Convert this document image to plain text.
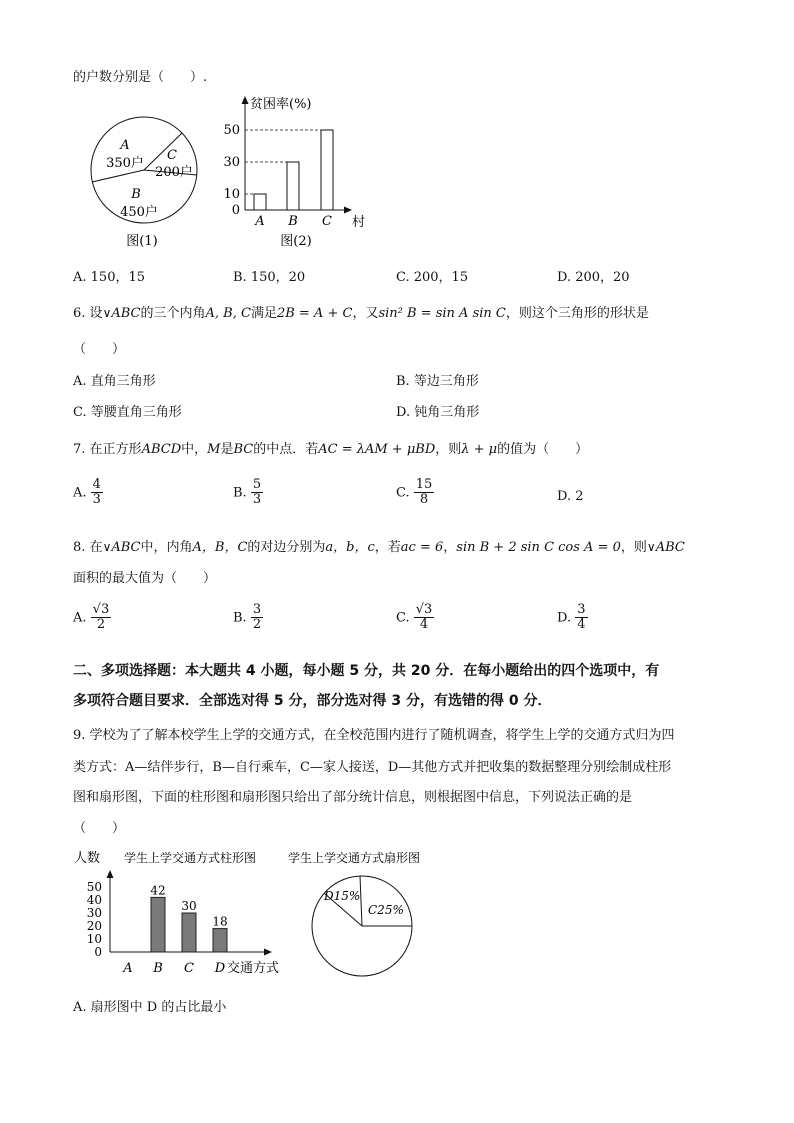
的户数分别是（　　）.
A
350户
C
200户
B
450户
图(1)
贫困率(%)
村
50
30
10
0
A B C
图(2)
A. 150，15	B. 150，20	C. 200，15	D. 200，20
6. 设∨ABC的三个内角A, B, C满足2B = A + C，又sin² B = sin A sin C，则这个三角形的形状是
（　　）
A. 直角三角形	B. 等边三角形
C. 等腰直角三角形	D. 钝角三角形
7. 在正方形ABCD中，M是BC的中点．若AC = λAM + μBD，则λ + μ的值为（　　）
A. $\frac{4}{3}$	B. $\frac{5}{3}$	C. $\frac{15}{8}$	D. 2
8. 在∨ABC中，内角A，B，C的对边分别为a，b，c，若ac = 6，sin B + 2 sin C cos A = 0，则∨ABC
面积的最大值为（　　）
A. $\frac{√3}{2}$	B. $\frac{3}{2}$	C. $\frac{√3}{4}$	D. $\frac{3}{4}$
二、多项选择题：本大题共 4 小题，每小题 5 分，共 20 分．在每小题给出的四个选项中，有
多项符合题目要求．全部选对得 5 分，部分选对得 3 分，有选错的得 0 分．
9. 学校为了了解本校学生上学的交通方式，在全校范围内进行了随机调查，将学生上学的交通方式归为四
类方式：A—结伴步行，B—自行乘车，C—家人接送，D—其他方式并把收集的数据整理分别绘制成柱形
图和扇形图，下面的柱形图和扇形图只给出了部分统计信息，则根据图中信息，下列说法正确的是
（　　）
人数 学生上学交通方式柱形图
50
40
30
20
10
0
A
42
B
30
C
18
D 交通方式
学生上学交通方式扇形图
D15%
C25%
A. 扇形图中 D 的占比最小
